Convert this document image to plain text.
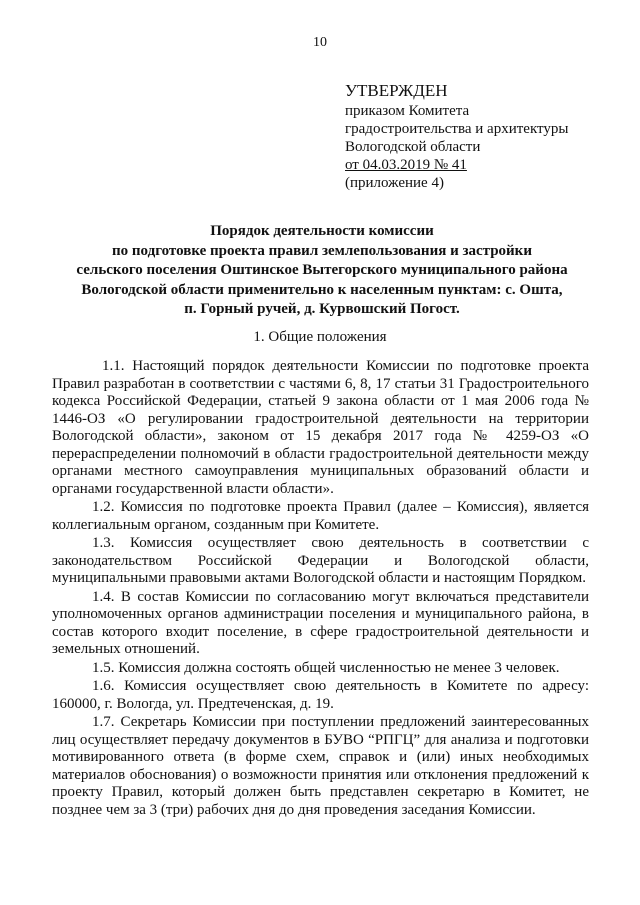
10
УТВЕРЖДЕН
приказом Комитета
градостроительства и архитектуры
Вологодской области
от 04.03.2019 № 41
(приложение 4)
Порядок деятельности комиссии
по подготовке проекта правил землепользования и застройки
сельского поселения Оштинское Вытегорского муниципального района
Вологодской области применительно к населенным пунктам: с. Ошта,
п. Горный ручей, д. Курвошский Погост.
1. Общие положения

1.1. Настоящий порядок деятельности Комиссии по подготовке проекта Правил разработан в соответствии с частями 6, 8, 17 статьи 31 Градостроительного кодекса Российской Федерации, статьей 9 закона области от 1 мая 2006 года № 1446-ОЗ «О регулировании градостроительной деятельности на территории Вологодской области», законом от 15 декабря 2017 года № 4259-ОЗ «О перераспределении полномочий в области градостроительной деятельности между органами местного самоуправления муниципальных образований области и органами государственной власти области».

1.2. Комиссия по подготовке проекта Правил (далее – Комиссия), является коллегиальным органом, созданным при Комитете.

1.3. Комиссия осуществляет свою деятельность в соответствии с законодательством Российской Федерации и Вологодской области, муниципальными правовыми актами Вологодской области и настоящим Порядком.

1.4. В состав Комиссии по согласованию могут включаться представители уполномоченных органов администрации поселения и муниципального района, в состав которого входит поселение, в сфере градостроительной деятельности и земельных отношений.

1.5. Комиссия должна состоять общей численностью не менее 3 человек.

1.6. Комиссия осуществляет свою деятельность в Комитете по адресу: 160000, г. Вологда, ул. Предтеченская, д. 19.

1.7. Секретарь Комиссии при поступлении предложений заинтересованных лиц осуществляет передачу документов в БУВО “РПГЦ” для анализа и подготовки мотивированного ответа (в форме схем, справок и (или) иных необходимых материалов обоснования) о возможности принятия или отклонения предложений к проекту Правил, который должен быть представлен секретарю в Комитет, не позднее чем за 3 (три) рабочих дня до дня проведения заседания Комиссии.
